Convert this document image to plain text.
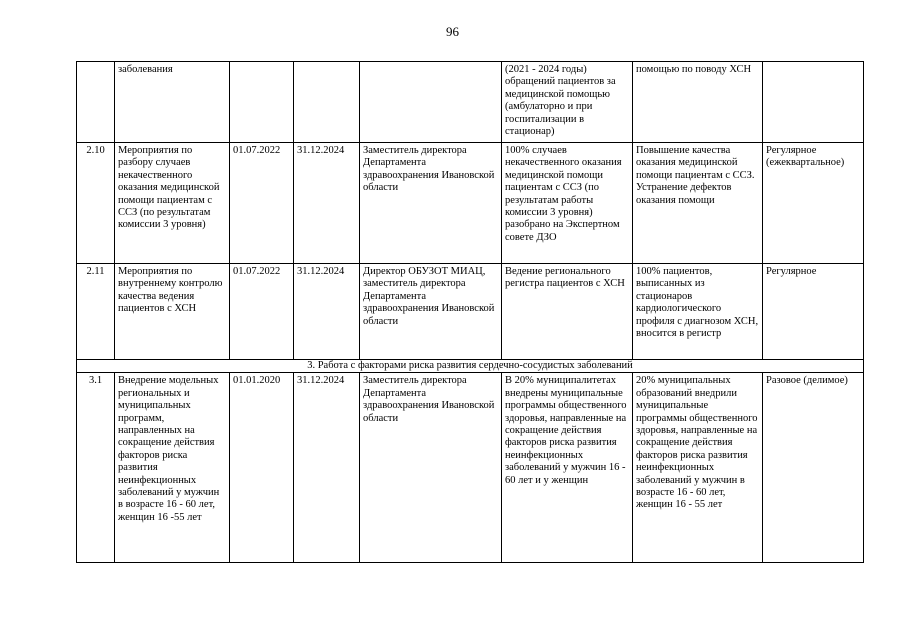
96
	заболевания				(2021 - 2024 годы) обращений пациентов за медицинской помощью (амбулаторно и при госпитализации в стационар)	помощью по поводу ХСН	
2.10	Мероприятия по разбору случаев некачественного оказания медицинской помощи пациентам с ССЗ (по результатам комиссии 3 уровня)	01.07.2022	31.12.2024	Заместитель директора Департамента здравоохранения Ивановской области	100% случаев некачественного оказания медицинской помощи пациентам с ССЗ (по результатам работы комиссии 3 уровня) разобрано на Экспертном совете ДЗО	Повышение качества оказания медицинской помощи пациентам с ССЗ. Устранение дефектов оказания помощи	Регулярное (ежеквартальное)
2.11	Мероприятия по внутреннему контролю качества ведения пациентов с ХСН	01.07.2022	31.12.2024	Директор ОБУЗОТ МИАЦ, заместитель директора Департамента здравоохранения Ивановской области	Ведение регионального регистра пациентов с ХСН	100% пациентов, выписанных из стационаров кардиологического профиля с диагнозом ХСН, вносится в регистр	Регулярное
3. Работа с факторами риска развития сердечно-сосудистых заболеваний							
3.1	Внедрение модельных региональных и муниципальных программ, направленных на сокращение действия факторов риска развития неинфекционных заболеваний у мужчин в возрасте 16 - 60 лет, женщин 16 -55 лет	01.01.2020	31.12.2024	Заместитель директора Департамента здравоохранения Ивановской области	В 20% муниципалитетах внедрены муниципальные программы общественного здоровья, направленные на сокращение действия факторов риска развития неинфекционных заболеваний у мужчин 16 - 60 лет и у женщин	20% муниципальных образований внедрили муниципальные программы общественного здоровья, направленные на сокращение действия факторов риска развития неинфекционных заболеваний у мужчин в возрасте 16 - 60 лет, женщин 16 - 55 лет	Разовое (делимое)
